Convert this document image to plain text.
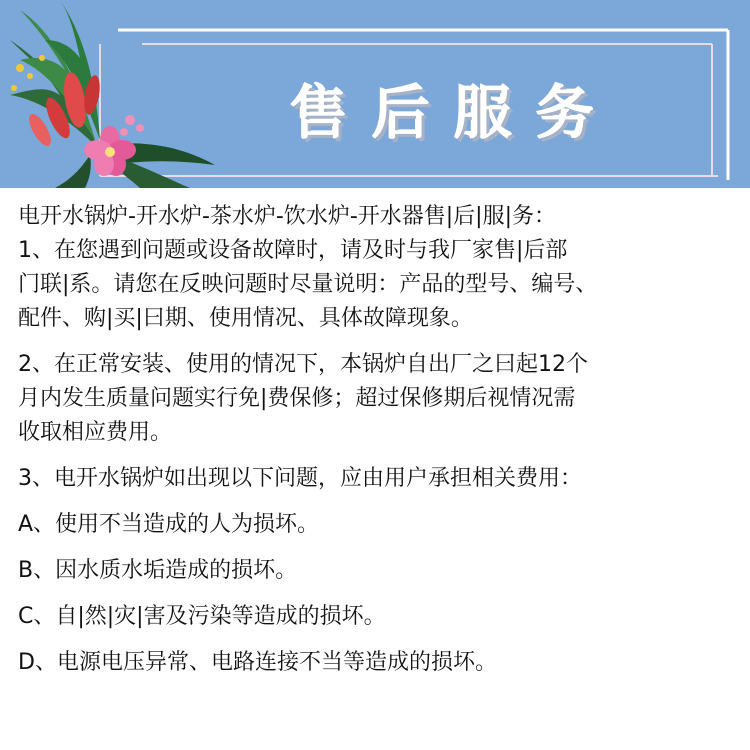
售后服务
电开水锅炉-开水炉-茶水炉-饮水炉-开水器售|后|服|务：
1、在您遇到问题或设备故障时，请及时与我厂家售|后部
门联|系。请您在反映问题时尽量说明：产品的型号、编号、
配件、购|买|曰期、使用情况、具体故障现象。
2、在正常安装、使用的情况下，本锅炉自出厂之曰起12个
月内发生质量问题实行免|费保修；超过保修期后视情况需
收取相应费用。
3、电开水锅炉如出现以下问题，应由用户承担相关费用：
A、使用不当造成的人为损坏。
B、因水质水垢造成的损坏。
C、自|然|灾|害及污染等造成的损坏。
D、电源电压异常、电路连接不当等造成的损坏。
